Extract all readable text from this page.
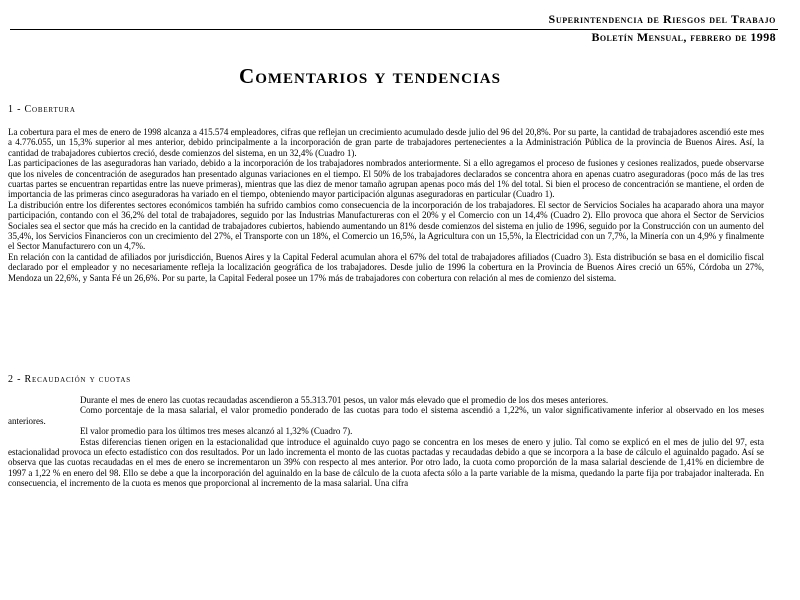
Superintendencia de Riesgos del Trabajo
Boletín Mensual, febrero de 1998
Comentarios y tendencias
1 - Cobertura

La cobertura para el mes de enero de 1998 alcanza a 415.574 empleadores, cifras que reflejan un crecimiento acumulado desde julio del 96 del 20,8%. Por su parte, la cantidad de trabajadores ascendió este mes a 4.776.055, un 15,3% superior al mes anterior, debido principalmente a la incorporación de gran parte de trabajadores pertenecientes a la Administración Pública de la provincia de Buenos Aires. Así, la cantidad de trabajadores cubiertos creció, desde comienzos del sistema, en un 32,4% (Cuadro 1).

Las participaciones de las aseguradoras han variado, debido a la incorporación de los trabajadores nombrados anteriormente. Si a ello agregamos el proceso de fusiones y cesiones realizados, puede observarse que los niveles de concentración de asegurados han presentado algunas variaciones en el tiempo. El 50% de los trabajadores declarados se concentra ahora en apenas cuatro aseguradoras (poco más de las tres cuartas partes se encuentran repartidas entre las nueve primeras), mientras que las diez de menor tamaño agrupan apenas poco más del 1% del total. Si bien el proceso de concentración se mantiene, el orden de importancia de las primeras cinco aseguradoras ha variado en el tiempo, obteniendo mayor participación algunas aseguradoras en particular (Cuadro 1).

La distribución entre los diferentes sectores económicos también ha sufrido cambios como consecuencia de la incorporación de los trabajadores. El sector de Servicios Sociales ha acaparado ahora una mayor participación, contando con el 36,2% del total de trabajadores, seguido por las Industrias Manufactureras con el 20% y el Comercio con un 14,4% (Cuadro 2). Ello provoca que ahora el Sector de Servicios Sociales sea el sector que más ha crecido en la cantidad de trabajadores cubiertos, habiendo aumentando un 81% desde comienzos del sistema en julio de 1996, seguido por la Construcción con un aumento del 35,4%, los Servicios Financieros con un crecimiento del 27%, el Transporte con un 18%, el Comercio un 16,5%, la Agricultura con un 15,5%, la Electricidad con un 7,7%, la Minería con un 4,9% y finalmente el Sector Manufacturero con un 4,7%.

En relación con la cantidad de afiliados por jurisdicción, Buenos Aires y la Capital Federal acumulan ahora el 67% del total de trabajadores afiliados (Cuadro 3). Esta distribución se basa en el domicilio fiscal declarado por el empleador y no necesariamente refleja la localización geográfica de los trabajadores. Desde julio de 1996 la cobertura en la Provincia de Buenos Aires creció un 65%, Córdoba un 27%, Mendoza un 22,6%, y Santa Fé un 26,6%. Por su parte, la Capital Federal posee un 17% más de trabajadores con cobertura con relación al mes de comienzo del sistema.

2 - Recaudación y cuotas

Durante el mes de enero las cuotas recaudadas ascendieron a 55.313.701 pesos, un valor más elevado que el promedio de los dos meses anteriores.

Como porcentaje de la masa salarial, el valor promedio ponderado de las cuotas para todo el sistema ascendió a 1,22%, un valor significativamente inferior al observado en los meses anteriores.

El valor promedio para los últimos tres meses alcanzó al 1,32% (Cuadro 7).

Estas diferencias tienen origen en la estacionalidad que introduce el aguinaldo cuyo pago se concentra en los meses de enero y julio. Tal como se explicó en el mes de julio del 97, esta estacionalidad provoca un efecto estadístico con dos resultados. Por un lado incrementa el monto de las cuotas pactadas y recaudadas debido a que se incorpora a la base de cálculo el aguinaldo pagado. Así se observa que las cuotas recaudadas en el mes de enero se incrementaron un 39% con respecto al mes anterior. Por otro lado, la cuota como proporción de la masa salarial desciende de 1,41% en diciembre de 1997 a 1,22 % en enero del 98. Ello se debe a que la incorporación del aguinaldo en la base de cálculo de la cuota afecta sólo a la parte variable de la misma, quedando la parte fija por trabajador inalterada. En consecuencia, el incremento de la cuota es menos que proporcional al incremento de la masa salarial. Una cifra
